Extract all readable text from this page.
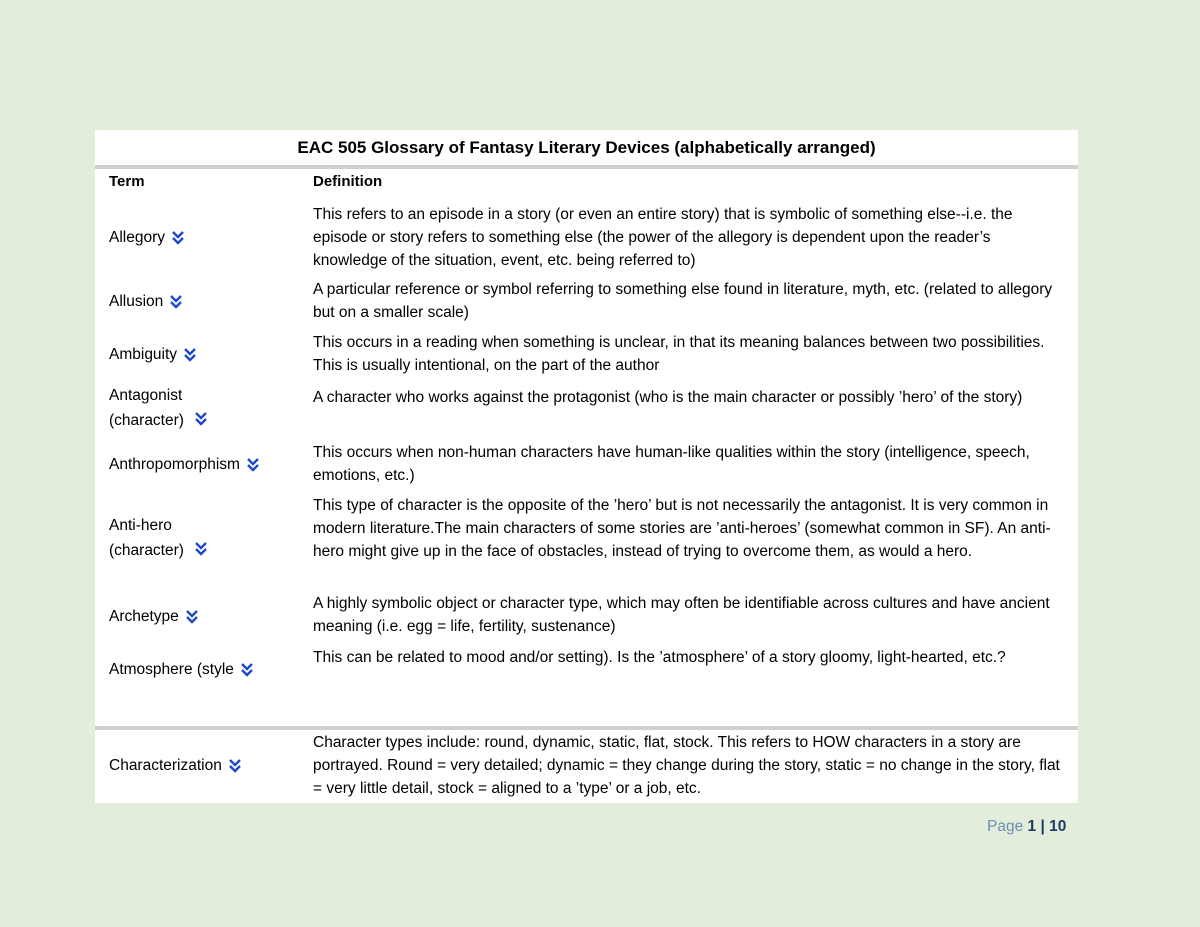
EAC 505 Glossary of Fantasy Literary Devices (alphabetically arranged)
Term	Definition
Allegory
This refers to an episode in a story (or even an entire story) that is symbolic of something else--i.e. the episode or story refers to something else (the power of the allegory is dependent upon the reader’s knowledge of the situation, event, etc. being referred to)
Allusion
A particular reference or symbol referring to something else found in literature, myth, etc. (related to allegory but on a smaller scale)
Ambiguity
This occurs in a reading when something is unclear, in that its meaning balances between two possibilities. This is usually intentional, on the part of the author
Antagonist (character)
A character who works against the protagonist (who is the main character or possibly ’hero’ of the story)
Anthropomorphism
This occurs when non-human characters have human-like qualities within the story (intelligence, speech, emotions, etc.)
Anti-hero (character)
This type of character is the opposite of the ’hero’ but is not necessarily the antagonist. It is very common in modern literature.The main characters of some stories are ’anti-heroes’ (somewhat common in SF). An anti-hero might give up in the face of obstacles, instead of trying to overcome them, as would a hero.
Archetype
A highly symbolic object or character type, which may often be identifiable across cultures and have ancient meaning (i.e. egg = life, fertility, sustenance)
Atmosphere (style
This can be related to mood and/or setting). Is the ’atmosphere’ of a story gloomy, light-hearted, etc.?
Characterization
Character types include: round, dynamic, static, flat, stock. This refers to HOW characters in a story are portrayed. Round = very detailed; dynamic = they change during the story, static = no change in the story, flat = very little detail, stock = aligned to a ’type’ or a job, etc.
Page 1 | 10
